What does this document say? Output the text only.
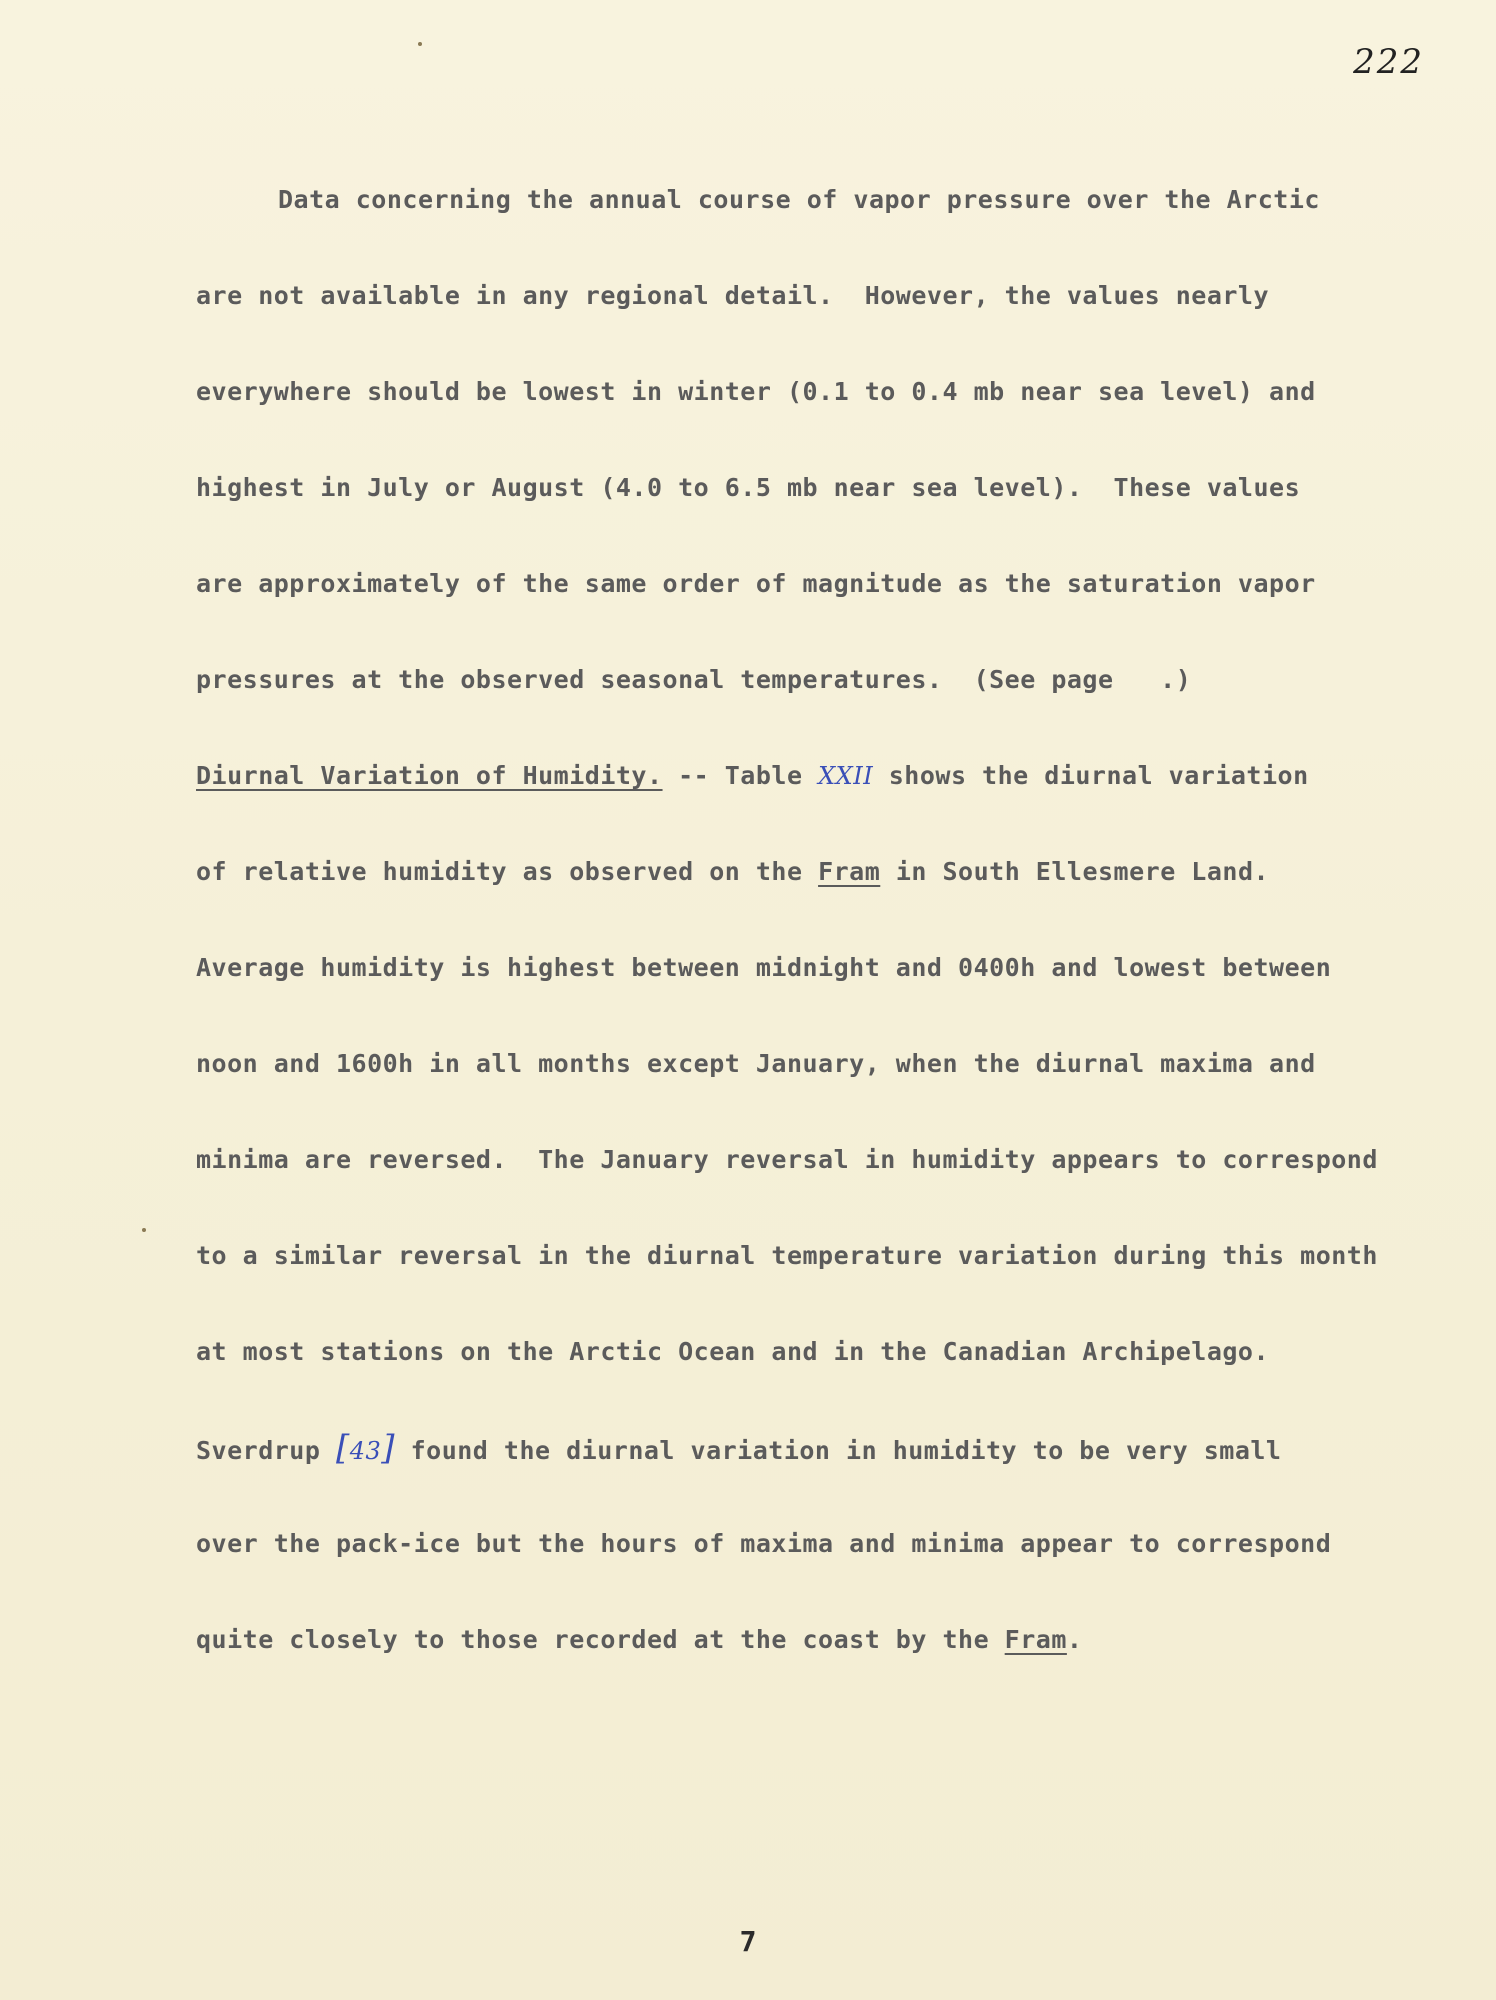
222
Data concerning the annual course of vapor pressure over the Arctic
are not available in any regional detail.  However, the values nearly
everywhere should be lowest in winter (0.1 to 0.4 mb near sea level) and
highest in July or August (4.0 to 6.5 mb near sea level).  These values
are approximately of the same order of magnitude as the saturation vapor
pressures at the observed seasonal temperatures.  (See page   .)
Diurnal Variation of Humidity. -- Table XXII shows the diurnal variation
of relative humidity as observed on the Fram in South Ellesmere Land.
Average humidity is highest between midnight and 0400h and lowest between
noon and 1600h in all months except January, when the diurnal maxima and
minima are reversed.  The January reversal in humidity appears to correspond
to a similar reversal in the diurnal temperature variation during this month
at most stations on the Arctic Ocean and in the Canadian Archipelago.
Sverdrup [43] found the diurnal variation in humidity to be very small
over the pack-ice but the hours of maxima and minima appear to correspond
quite closely to those recorded at the coast by the Fram.
7
